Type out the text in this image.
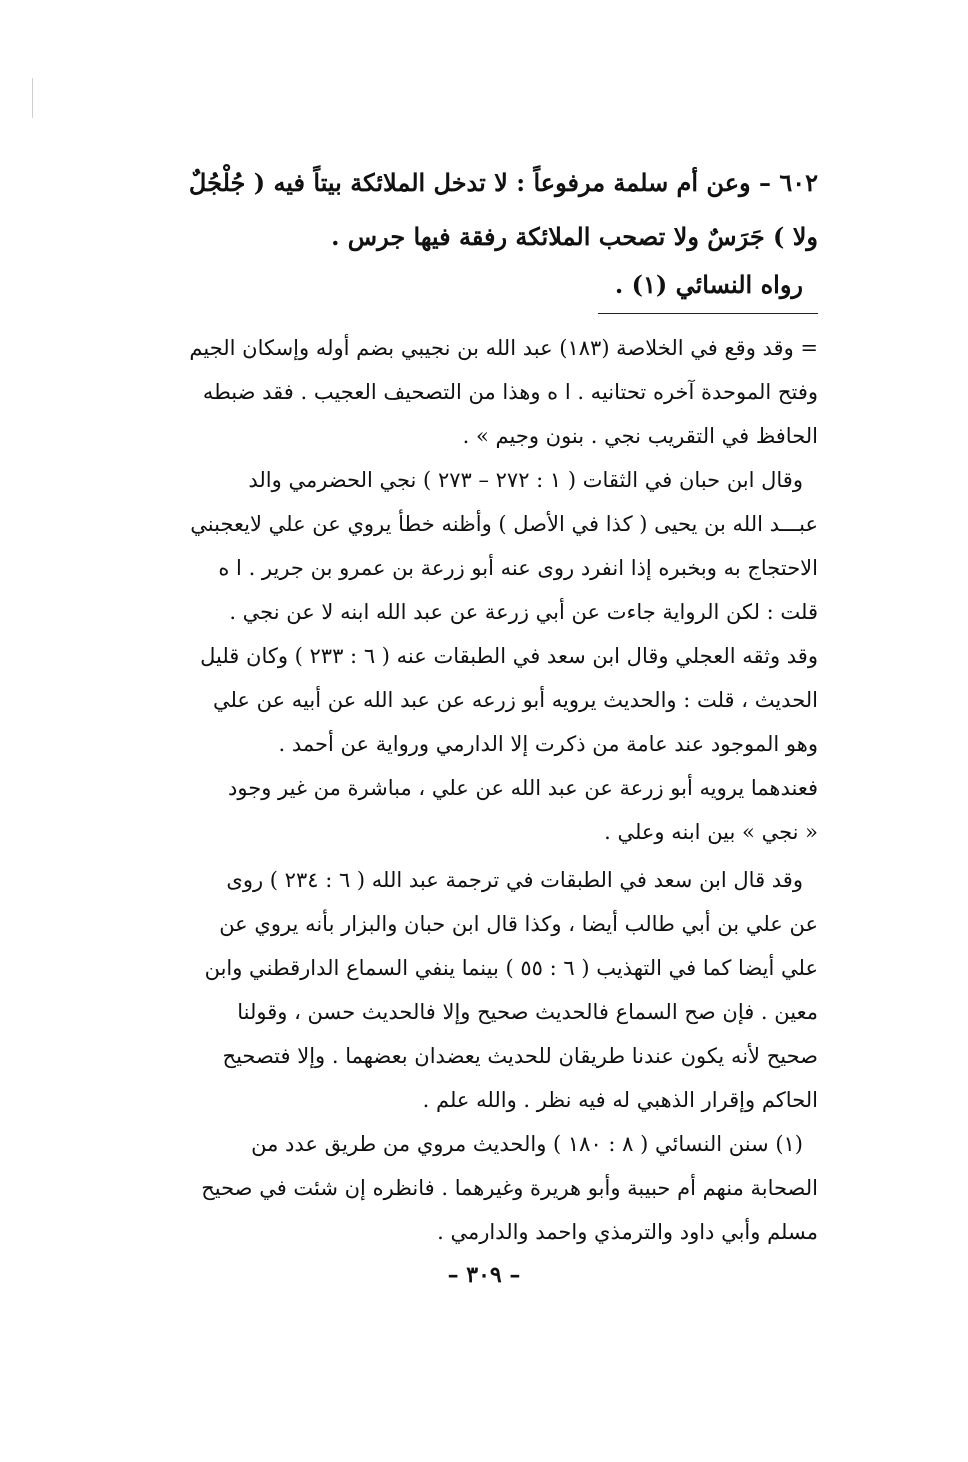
٦٠٢ – وعن أم سلمة مرفوعاً : لا تدخل الملائكة بيتاً فيه ( جُلْجُلٌ
ولا ) جَرَسٌ ولا تصحب الملائكة رفقة فيها جرس .
رواه النسائي (١) .
= وقد وقع في الخلاصة (١٨٣) عبد الله بن نجيبي بضم أوله وإسكان الجيم
وفتح الموحدة آخره تحتانيه . ا ه وهذا من التصحيف العجيب . فقد ضبطه
الحافظ في التقريب نجي . بنون وجيم » .
وقال ابن حبان في الثقات ( ١ : ٢٧٢ – ٢٧٣ ) نجي الحضرمي والد
عبـــد الله بن يحيى ( كذا في الأصل ) وأظنه خطأ يروي عن علي لايعجبني
الاحتجاج به وبخبره إذا انفرد روى عنه أبو زرعة بن عمرو بن جرير . ا ه
قلت : لكن الرواية جاءت عن أبي زرعة عن عبد الله ابنه لا عن نجي .
وقد وثقه العجلي وقال ابن سعد في الطبقات عنه ( ٦ : ٢٣٣ ) وكان قليل
الحديث ، قلت : والحديث يرويه أبو زرعه عن عبد الله عن أبيه عن علي
وهو الموجود عند عامة من ذكرت إلا الدارمي ورواية عن أحمد .
فعندهما يرويه أبو زرعة عن عبد الله عن علي ، مباشرة من غير وجود
« نجي » بين ابنه وعلي .
وقد قال ابن سعد في الطبقات في ترجمة عبد الله ( ٦ : ٢٣٤ ) روى
عن علي بن أبي طالب أيضا ، وكذا قال ابن حبان والبزار بأنه يروي عن
علي أيضا كما في التهذيب ( ٦ : ٥٥ ) بينما ينفي السماع الدارقطني وابن
معين . فإن صح السماع فالحديث صحيح وإلا فالحديث حسن ، وقولنا
صحيح لأنه يكون عندنا طريقان للحديث يعضدان بعضهما . وإلا فتصحيح
الحاكم وإقرار الذهبي له فيه نظر . والله علم .
(١) سنن النسائي ( ٨ : ١٨٠ ) والحديث مروي من طريق عدد من
الصحابة منهم أم حبيبة وأبو هريرة وغيرهما . فانظره إن شئت في صحيح
مسلم وأبي داود والترمذي واحمد والدارمي .
– ٣٠٩ –
